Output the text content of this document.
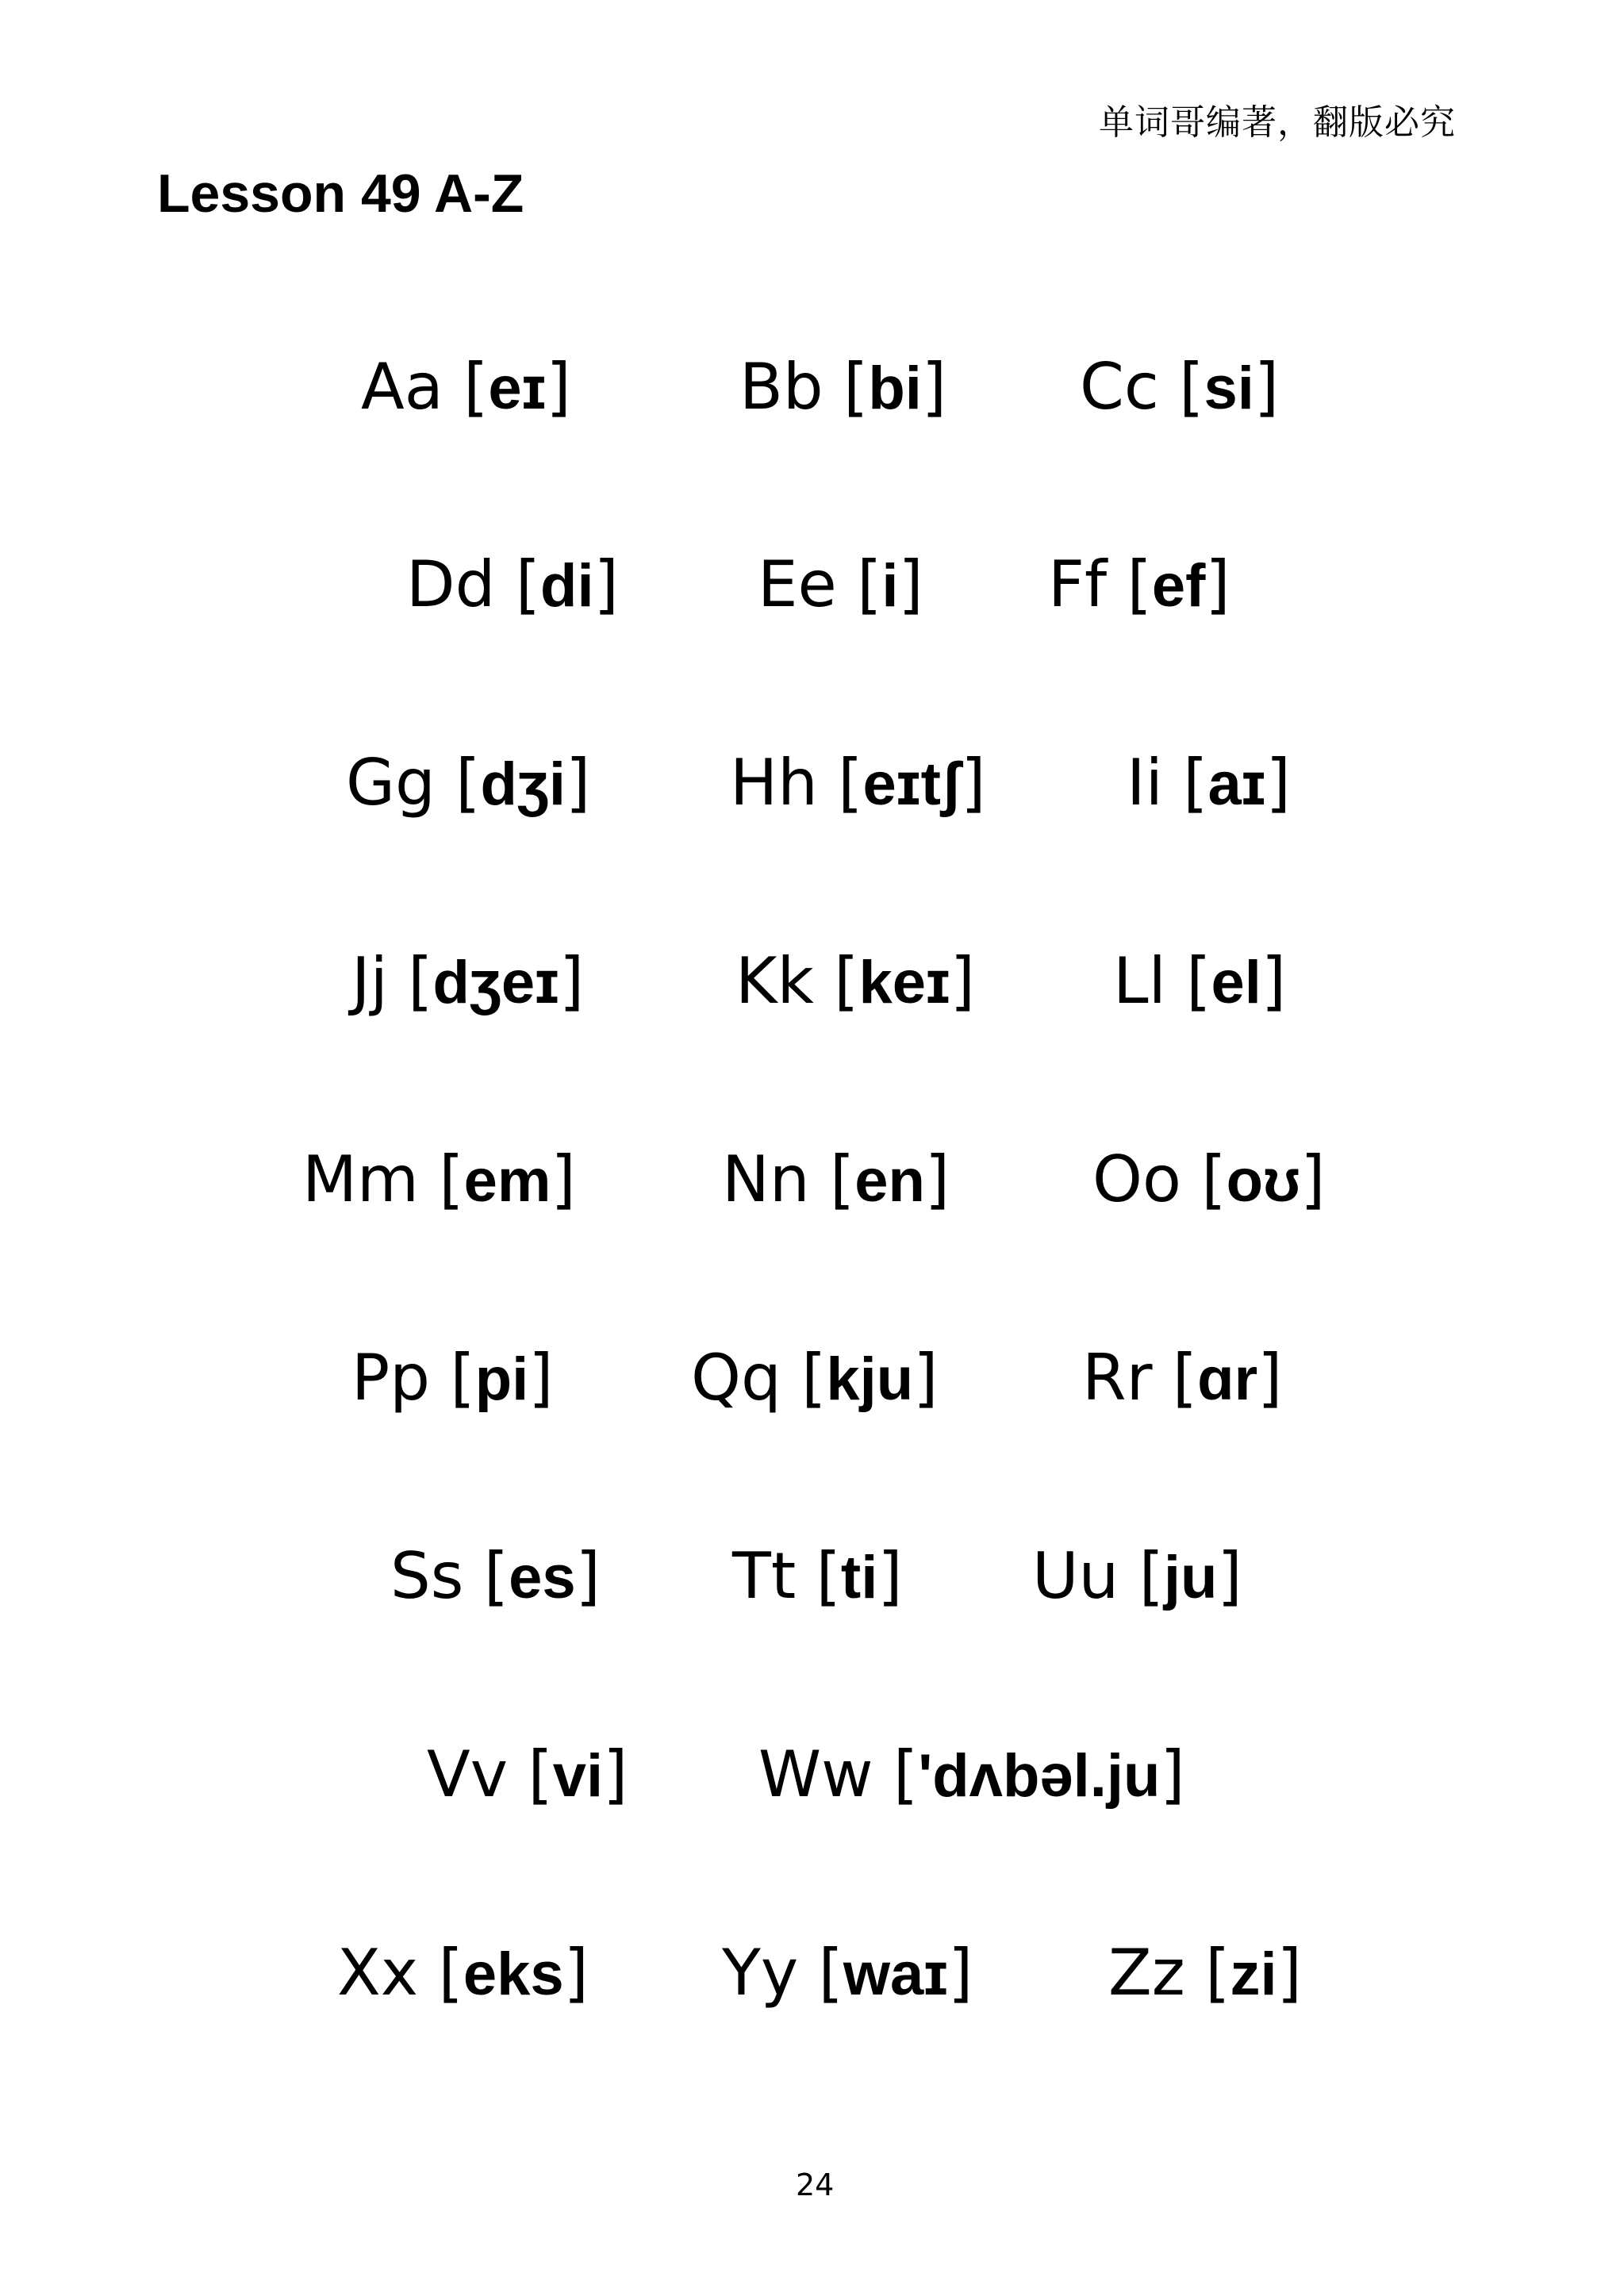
单词哥编著，翻版必究
Lesson 49 A-Z
Aa [eɪ]	Bb [bi] Cc [si]
Dd [di] Ee [i] Ff [ef]
Gg [dʒi] Hh [eɪtʃ] Ii [aɪ]
Jj [dʒeɪ] Kk [keɪ] Ll [el]
Mm [em] Nn [en] Oo [oʊ]
Pp [pi] Qq [kju] Rr [ɑr]
Ss [es] Tt [ti] Uu [ju]
Vv [vi] Ww ['dʌbəl.ju]
Xx [eks] Yy [waɪ] Zz [zi]
24
